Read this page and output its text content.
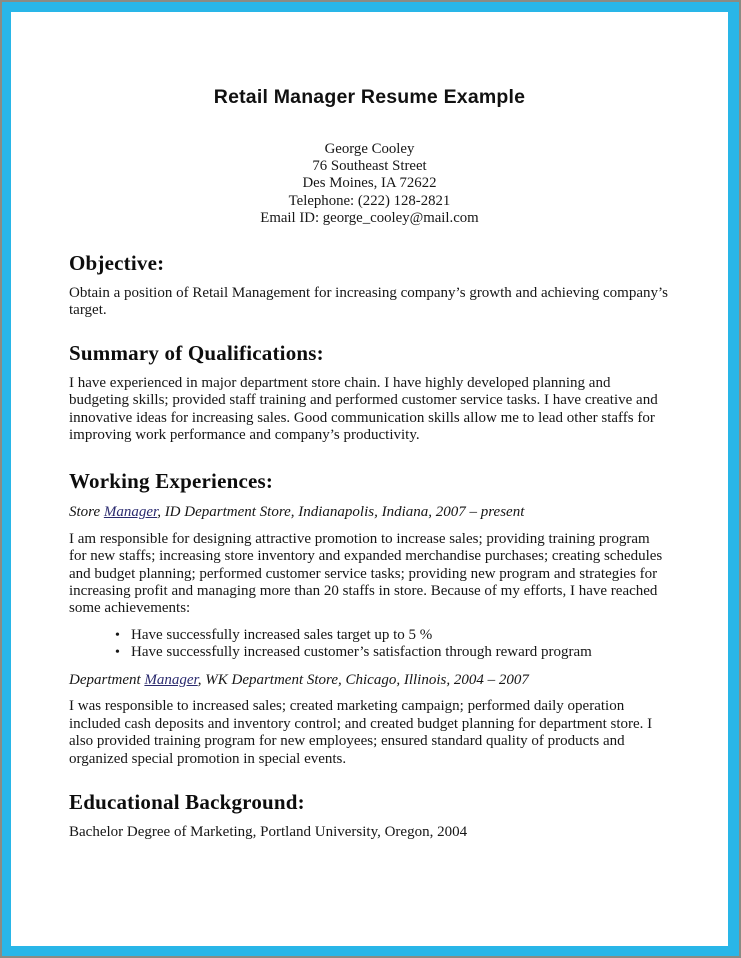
Retail Manager Resume Example
George Cooley
76 Southeast Street
Des Moines, IA 72622
Telephone: (222) 128-2821
Email ID: george_cooley@mail.com
Objective:

Obtain a position of Retail Management for increasing company’s growth and achieving company’s target.

Summary of Qualifications:

I have experienced in major department store chain. I have highly developed planning and budgeting skills; provided staff training and performed customer service tasks. I have creative and innovative ideas for increasing sales. Good communication skills allow me to lead other staffs for improving work performance and company’s productivity.

Working Experiences:
Store Manager, ID Department Store, Indianapolis, Indiana, 2007 – present

I am responsible for designing attractive promotion to increase sales; providing training program for new staffs; increasing store inventory and expanded merchandise purchases; creating schedules and budget planning; performed customer service tasks; providing new program and strategies for increasing profit and managing more than 20 staffs in store. Because of my efforts, I have reached some achievements:

• Have successfully increased sales target up to 5 %
• Have successfully increased customer’s satisfaction through reward program
Department Manager, WK Department Store, Chicago, Illinois, 2004 – 2007

I was responsible to increased sales; created marketing campaign; performed daily operation included cash deposits and inventory control; and created budget planning for department store. I also provided training program for new employees; ensured standard quality of products and organized special promotion in special events.

Educational Background:

Bachelor Degree of Marketing, Portland University, Oregon, 2004
